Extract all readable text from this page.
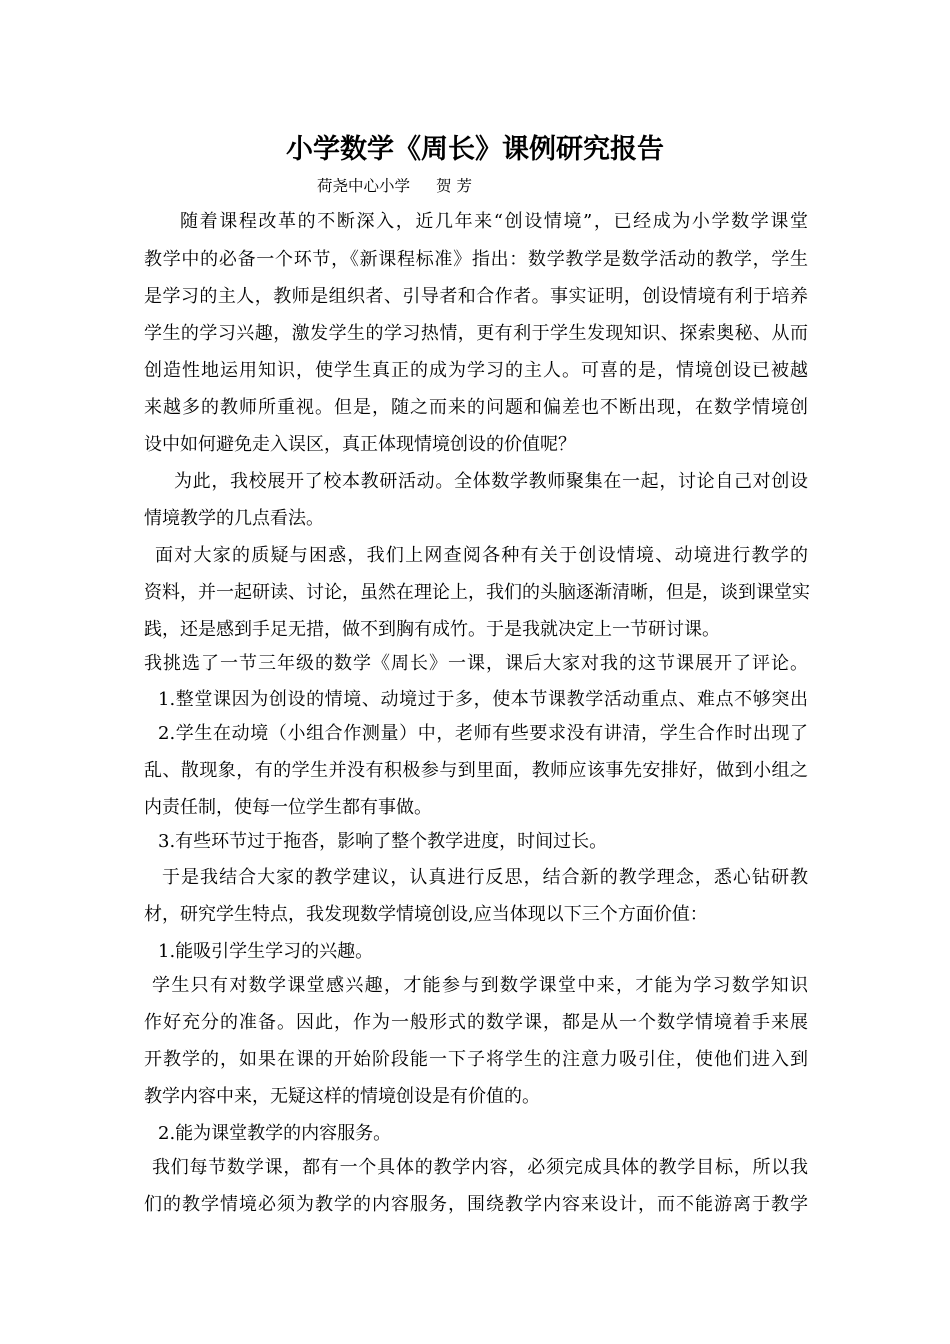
小学数学《周长》课例研究报告
荷尧中心小学 贺 芳
随着课程改革的不断深入，近几年来“创设情境”，已经成为小学数学课堂
教学中的必备一个环节，《新课程标准》指出：数学教学是数学活动的教学，学生
是学习的主人，教师是组织者、引导者和合作者。事实证明，创设情境有利于培养
学生的学习兴趣，激发学生的学习热情，更有利于学生发现知识、探索奥秘、从而
创造性地运用知识，使学生真正的成为学习的主人。可喜的是，情境创设已被越
来越多的教师所重视。但是，随之而来的问题和偏差也不断出现，在数学情境创
设中如何避免走入误区，真正体现情境创设的价值呢？
为此，我校展开了校本教研活动。全体数学教师聚集在一起，讨论自己对创设
情境教学的几点看法。
面对大家的质疑与困惑，我们上网查阅各种有关于创设情境、动境进行教学的
资料，并一起研读、讨论，虽然在理论上，我们的头脑逐渐清晰，但是，谈到课堂实
践，还是感到手足无措，做不到胸有成竹。于是我就决定上一节研讨课。
我挑选了一节三年级的数学《周长》一课，课后大家对我的这节课展开了评论。
1.整堂课因为创设的情境、动境过于多，使本节课教学活动重点、难点不够突出
2.学生在动境（小组合作测量）中，老师有些要求没有讲清，学生合作时出现了
乱、散现象，有的学生并没有积极参与到里面，教师应该事先安排好，做到小组之
内责任制，使每一位学生都有事做。
3.有些环节过于拖沓，影响了整个教学进度，时间过长。
于是我结合大家的教学建议，认真进行反思，结合新的教学理念，悉心钻研教
材，研究学生特点，我发现数学情境创设,应当体现以下三个方面价值：
1.能吸引学生学习的兴趣。
学生只有对数学课堂感兴趣，才能参与到数学课堂中来，才能为学习数学知识
作好充分的准备。因此，作为一般形式的数学课，都是从一个数学情境着手来展
开教学的，如果在课的开始阶段能一下子将学生的注意力吸引住，使他们进入到
教学内容中来，无疑这样的情境创设是有价值的。
2.能为课堂教学的内容服务。
我们每节数学课，都有一个具体的教学内容，必须完成具体的教学目标，所以我
们的教学情境必须为教学的内容服务，围绕教学内容来设计，而不能游离于教学
